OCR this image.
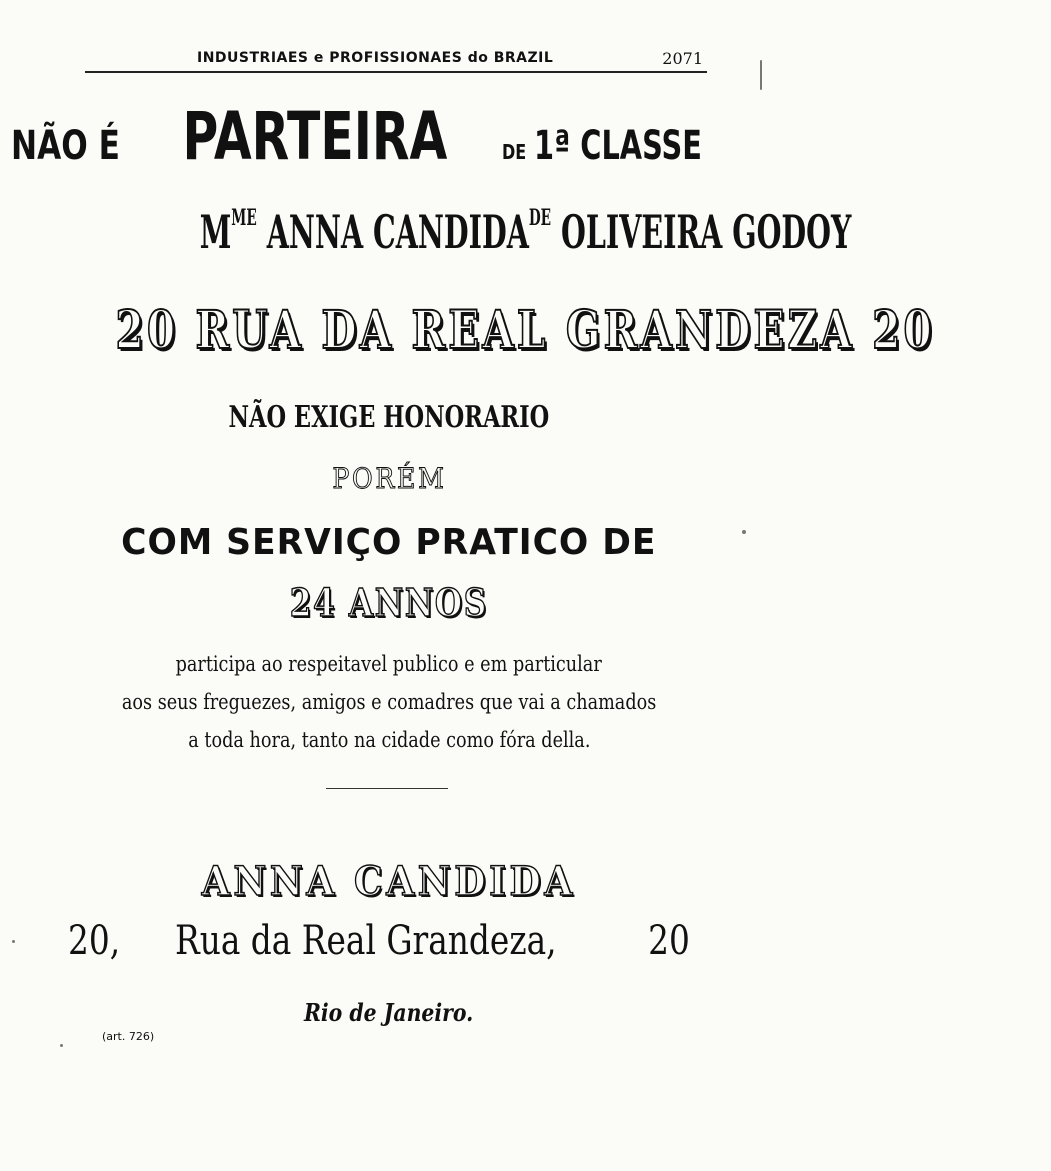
INDUSTRIAES e PROFISSIONAES do BRAZIL	2071
NÃO É PARTEIRA	DE 1ª CLASSE
$M^{ME}$ ANNA $CANDIDA^{DE}$ OLIVEIRA GODOY
20 RUA DA REAL GRANDEZA 20
NÃO EXIGE HONORARIO
PORÉM
COM SERVIÇO PRATICO DE
24 ANNOS
participa ao respeitavel publico e em particular
aos seus freguezes, amigos e comadres que vai a chamados
a toda hora, tanto na cidade como fóra della.
ANNA CANDIDA
20, Rua da Real Grandeza, 20
Rio de Janeiro.
(art. 726)
